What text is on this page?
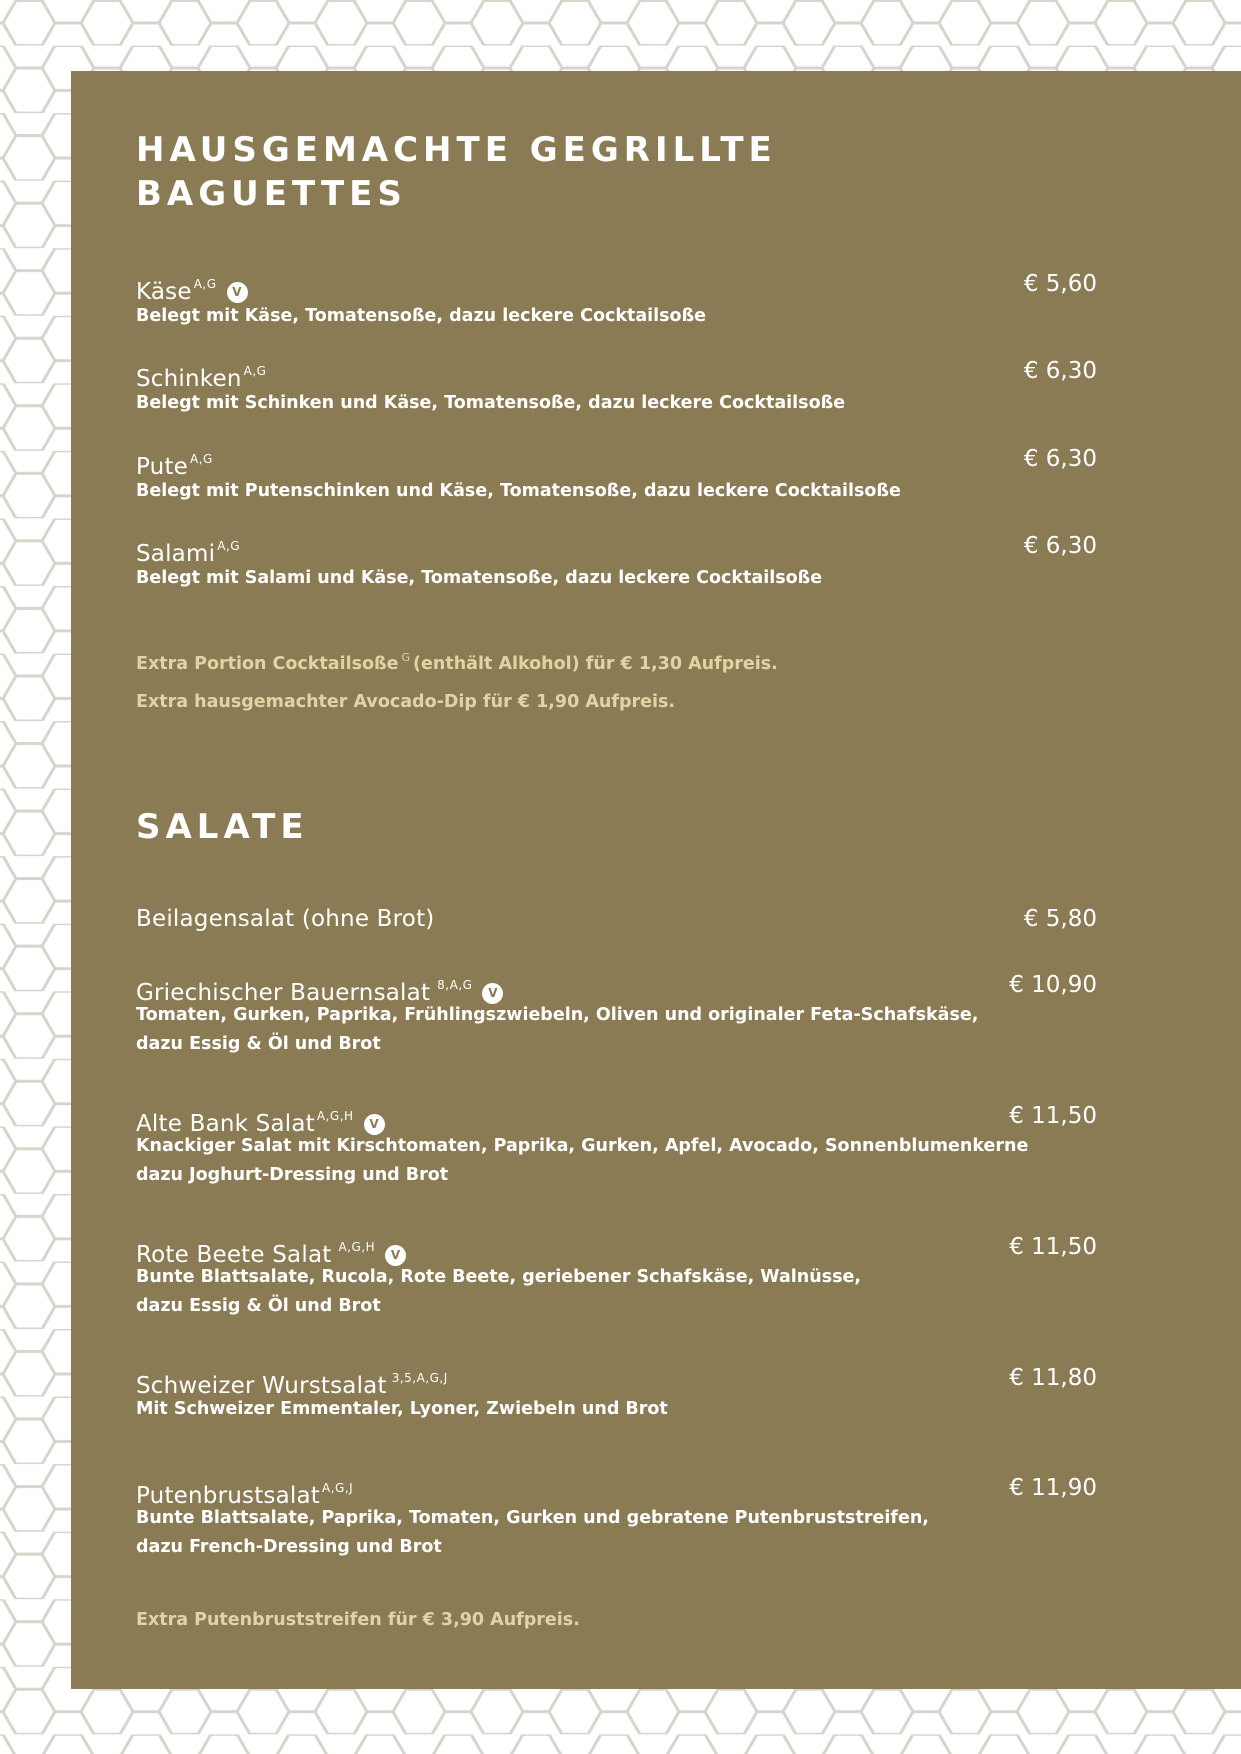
HAUSGEMACHTE GEGRILLTE
BAGUETTES
Käse $^{A,G}$V	€ 5,60
Belegt mit Käse, Tomatensoße, dazu leckere Cocktailsoße
Schinken $^{A,G}$	€ 6,30
Belegt mit Schinken und Käse, Tomatensoße, dazu leckere Cocktailsoße
Pute $^{A,G}$	€ 6,30
Belegt mit Putenschinken und Käse, Tomatensoße, dazu leckere Cocktailsoße
Salami $^{A,G}$	€ 6,30
Belegt mit Salami und Käse, Tomatensoße, dazu leckere Cocktailsoße
Extra Portion Cocktailsoße $^G$ (enthält Alkohol) für € 1,30 Aufpreis.
Extra hausgemachter Avocado-Dip für € 1,90 Aufpreis.
SALATE
Beilagensalat (ohne Brot)	€ 5,80
Griechischer Bauernsalat $^{8,A,G}$V	€ 10,90
Tomaten, Gurken, Paprika, Frühlingszwiebeln, Oliven und originaler Feta-Schafskäse,
dazu Essig & Öl und Brot
Alte Bank Salat $^{A,G,H}$V	€ 11,50
Knackiger Salat mit Kirschtomaten, Paprika, Gurken, Apfel, Avocado, Sonnenblumenkerne
dazu Joghurt-Dressing und Brot
Rote Beete Salat $^{A,G,H}$V	€ 11,50
Bunte Blattsalate, Rucola, Rote Beete, geriebener Schafskäse, Walnüsse,
dazu Essig & Öl und Brot
Schweizer Wurstsalat $^{3,5,A,G,J}$	€ 11,80
Mit Schweizer Emmentaler, Lyoner, Zwiebeln und Brot
Putenbrustsalat $^{A,G,J}$	€ 11,90
Bunte Blattsalate, Paprika, Tomaten, Gurken und gebratene Putenbruststreifen,
dazu French-Dressing und Brot
Extra Putenbruststreifen für € 3,90 Aufpreis.
